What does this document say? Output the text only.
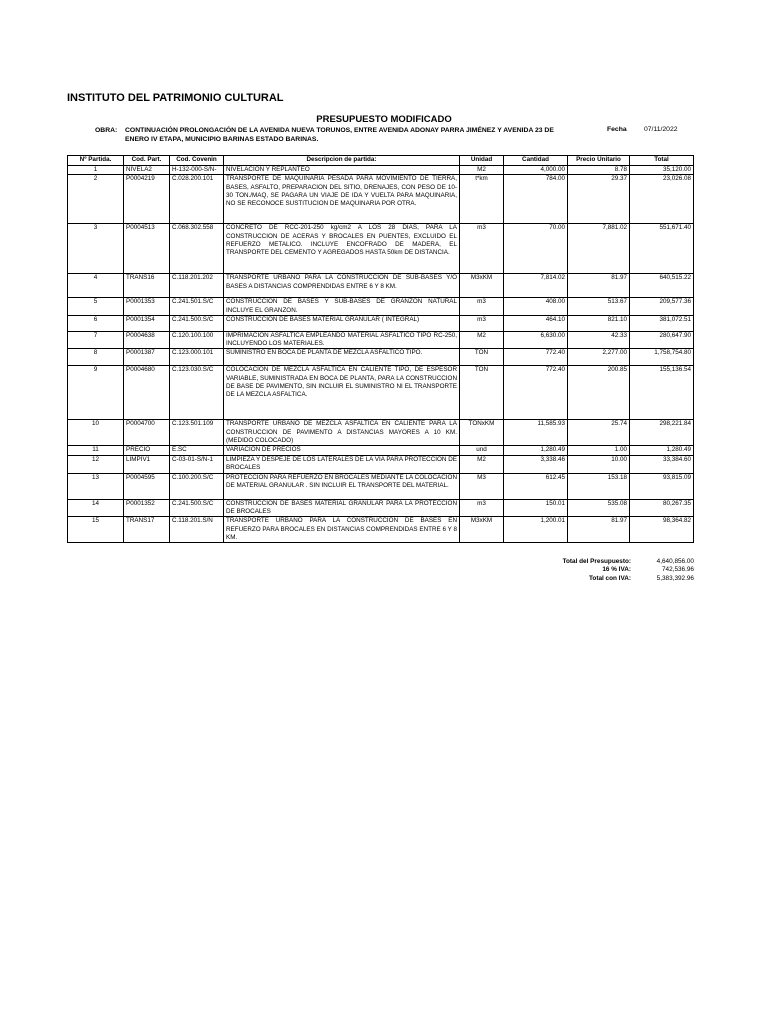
INSTITUTO DEL PATRIMONIO CULTURAL
PRESUPUESTO MODIFICADO
OBRA: CONTINUACIÓN PROLONGACIÓN DE LA AVENIDA NUEVA TORUNOS, ENTRE AVENIDA ADONAY PARRA JIMÉNEZ Y AVENIDA 23 DE ENERO IV ETAPA, MUNICIPIO BARINAS ESTADO BARINAS.
Fecha	07/11/2022
Nº Partida.	Cod. Part.	Cod. Covenin	Descripcion de partida:	Unidad	Cantidad	Precio Unitario	Total
1	NIVELA2	H-132-000-S/N-	NIVELACION Y REPLANTEO	M2	4,000.00	8.78	35,120.00
2	P0004219	C.028.200.101	TRANSPORTE DE MAQUINARIA PESADA PARA MOVIMIENTO DE TIERRA, BASES, ASFALTO, PREPARACION DEL SITIO, DRENAJES, CON PESO DE 10-30 TON./MAQ, SE PAGARA UN VIAJE DE IDA Y VUELTA PARA MAQUINARIA, NO SE RECONOCE SUSTITUCION DE MAQUINARIA POR OTRA.	t*km	784.00	29.37	23,026.08
3	P0004513	C.068.302.558	CONCRETO DE RCC-201-250 kg/cm2 A LOS 28 DIAS, PARA LA CONSTRUCCION DE ACERAS Y BROCALES EN PUENTES, EXCLUIDO EL REFUERZO METALICO. INCLUYE ENCOFRADO DE MADERA, EL TRANSPORTE DEL CEMENTO Y AGREGADOS HASTA 50km DE DISTANCIA.	m3	70.00	7,881.02	551,671.40
4	TRANS16	C.118.201.202	TRANSPORTE URBANO PARA LA CONSTRUCCION DE SUB-BASES Y/O BASES A DISTANCIAS COMPRENDIDAS ENTRE 6 Y 8 KM.	M3xKM	7,814.02	81.97	640,515.22
5	P0001353	C.241.501.S/C	CONSTRUCCION DE BASES Y SUB-BASES DE GRANZON NATURAL INCLUYE EL GRANZON.	m3	408.00	513.67	209,577.36
6	P0001354	C.241.500.S/C	CONSTRUCCION DE BASES MATERIAL GRANULAR ( INTEGRAL)	m3	464.10	821.10	381,072.51
7	P0004638	C.120.100.100	IMPRIMACION ASFALTICA EMPLEANDO MATERIAL ASFALTICO TIPO RC-250, INCLUYENDO LOS MATERIALES.	M2	6,630.00	42.33	280,647.90
8	P0001387	C.123.000.101	SUMINISTRO EN BOCA DE PLANTA DE MEZCLA ASFALTICO TIPO.	TON	772.40	2,277.00	1,758,754.80
9	P0004680	C.123.030.S/C	COLOCACION DE MEZCLA ASFALTICA EN CALIENTE TIPO, DE ESPESOR VARIABLE, SUMINISTRADA EN BOCA DE PLANTA, PARA LA CONSTRUCCION DE BASE DE PAVIMENTO, SIN INCLUIR EL SUMINISTRO NI EL TRANSPORTE DE LA MEZCLA ASFALTICA.	TON	772.40	200.85	155,136.54
10	P0004700	C.123.501.109	TRANSPORTE URBANO DE MEZCLA ASFALTICA EN CALIENTE PARA LA CONSTRUCCION DE PAVIMENTO A DISTANCIAS MAYORES A 10 KM. (MEDIDO COLOCADO)	TONxKM	11,585.93	25.74	298,221.84
11	PRECIO	E.SC	VARIACION DE PRECIOS	und	1,280.49	1.00	1,280.49
12	LIMPIV1	C-03-01-S/N-1	LIMPIEZA Y DESPEJE DE LOS LATERALES DE LA VIA PARA PROTECCION DE BROCALES	M2	3,338.46	10.00	33,384.60
13	P0004595	C.100.200.S/C	PROTECCION PARA REFUERZO EN BROCALES MEDIANTE LA COLOCACION DE MATERIAL GRANULAR . SIN INCLUIR EL TRANSPORTE DEL MATERIAL.	M3	612.45	153.18	93,815.09
14	P0001352	C.241.500.S/C	CONSTRUCCION DE BASES MATERIAL GRANULAR PARA LA PROTECCION DE BROCALES	m3	150.01	535.08	80,267.35
15	TRANS17	C.118.201.S/N	TRANSPORTE URBANO PARA LA CONSTRUCCIÓN DE BASES EN REFUERZO PARA BROCALES EN DISTANCIAS COMPRENDIDAS ENTRE 6 Y 8 KM.	M3xKM	1,200.01	81.97	98,364.82
Total del Presupuesto:	4,640,856.00
16 % IVA:	742,536.96
Total con IVA:	5,383,392.96
